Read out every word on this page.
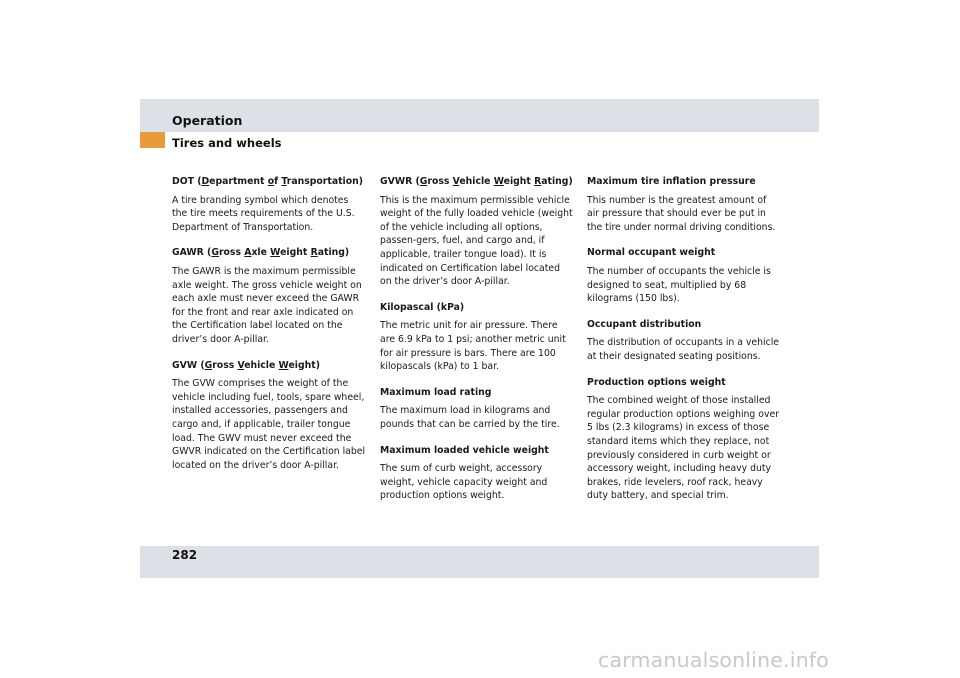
Operation
Tires and wheels
DOT (Department of Transportation)
A tire branding symbol which denotes the tire meets requirements of the U.S. Department of Transportation.
GAWR (Gross Axle Weight Rating)
The GAWR is the maximum permissible axle weight. The gross vehicle weight on each axle must never exceed the GAWR for the front and rear axle indicated on the Certification label located on the driver’s door A-pillar.
GVW (Gross Vehicle Weight)
The GVW comprises the weight of the vehicle including fuel, tools, spare wheel, installed accessories, passengers and cargo and, if applicable, trailer tongue load. The GWV must never exceed the GWVR indicated on the Certification label located on the driver’s door A-pillar.
GVWR (Gross Vehicle Weight Rating)
This is the maximum permissible vehicle weight of the fully loaded vehicle (weight of the vehicle including all options, passen-gers, fuel, and cargo and, if applicable, trailer tongue load). It is indicated on Certification label located on the driver’s door A-pillar.
Kilopascal (kPa)
The metric unit for air pressure. There are 6.9 kPa to 1 psi; another metric unit for air pressure is bars. There are 100 kilopascals (kPa) to 1 bar.
Maximum load rating
The maximum load in kilograms and pounds that can be carried by the tire.
Maximum loaded vehicle weight
The sum of curb weight, accessory weight, vehicle capacity weight and production options weight.
Maximum tire inflation pressure
This number is the greatest amount of air pressure that should ever be put in the tire under normal driving conditions.
Normal occupant weight
The number of occupants the vehicle is designed to seat, multiplied by 68 kilograms (150 lbs).
Occupant distribution
The distribution of occupants in a vehicle at their designated seating positions.
Production options weight
The combined weight of those installed regular production options weighing over 5 lbs (2.3 kilograms) in excess of those standard items which they replace, not previously considered in curb weight or accessory weight, including heavy duty brakes, ride levelers, roof rack, heavy duty battery, and special trim.
282
carmanualsonline.info
